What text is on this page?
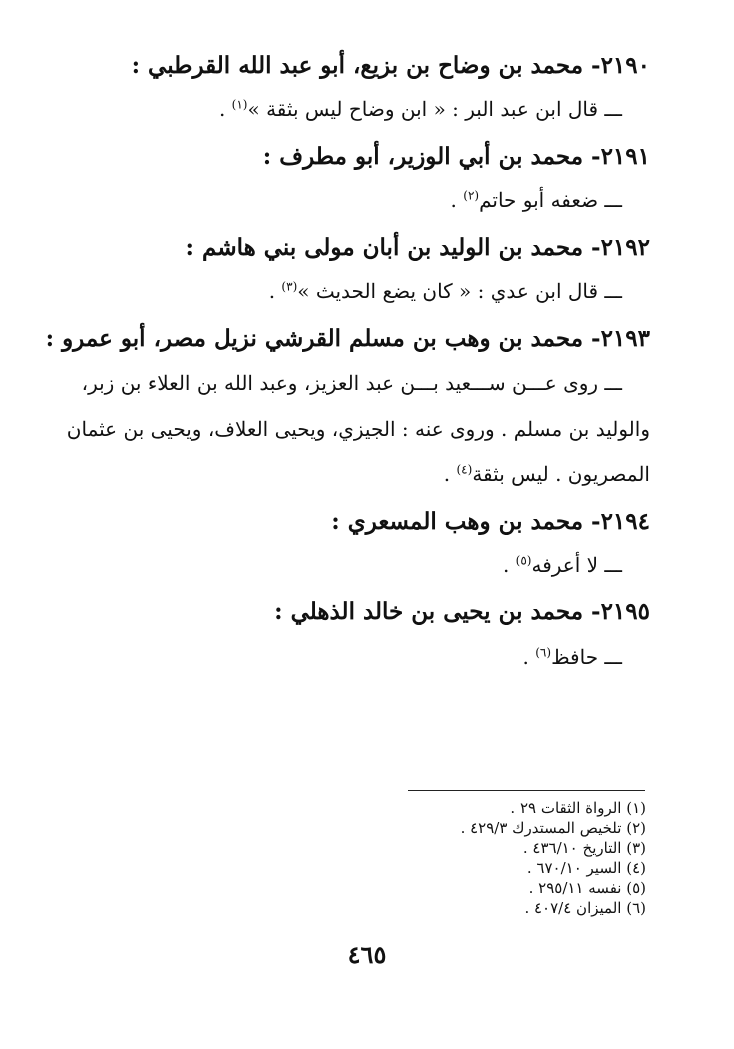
٢١٩٠- محمد بن وضاح بن بزيع، أبو عبد الله القرطبي :
ـــ قال ابن عبد البر : « ابن وضاح ليس بثقة »$^{(١)}$ .
٢١٩١- محمد بن أبي الوزير، أبو مطرف :
ـــ ضعفه أبو حاتم$^{(٢)}$ .
٢١٩٢- محمد بن الوليد بن أبان مولى بني هاشم :
ـــ قال ابن عدي : « كان يضع الحديث »$^{(٣)}$ .
٢١٩٣- محمد بن وهب بن مسلم القرشي نزيل مصر، أبو عمرو :
ـــ روى عـــن ســـعيد بـــن عبد العزيز، وعبد الله بن العلاء بن زبر،
والوليد بن مسلم . وروى عنه : الجيزي، ويحيى العلاف، ويحيى بن عثمان
المصريون . ليس بثقة$^{(٤)}$ .
٢١٩٤- محمد بن وهب المسعري :
ـــ لا أعرفه$^{(٥)}$ .
٢١٩٥- محمد بن يحيى بن خالد الذهلي :
ـــ حافظ$^{(٦)}$ .
(١) الرواة الثقات ٢٩ .
(٢) تلخيص المستدرك ٤٢٩/٣ .
(٣) التاريخ ٤٣٦/١٠ .
(٤) السير ٦٧٠/١٠ .
(٥) نفسه ٢٩٥/١١ .
(٦) الميزان ٤٠٧/٤ .
٤٦٥
